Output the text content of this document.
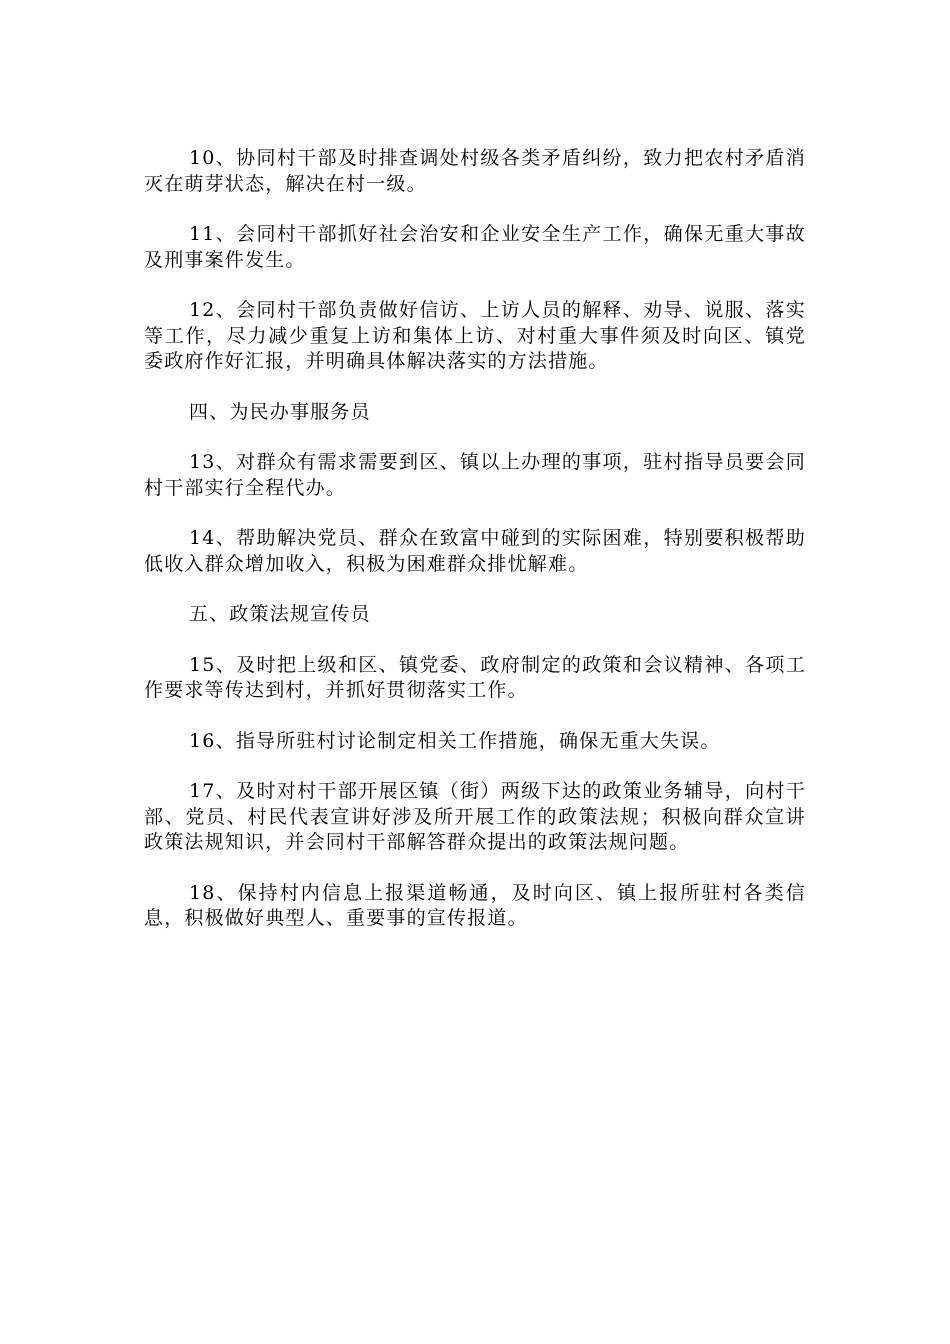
10、协同村干部及时排查调处村级各类矛盾纠纷，致力把农村矛盾消灭在萌芽状态，解决在村一级。

11、会同村干部抓好社会治安和企业安全生产工作，确保无重大事故及刑事案件发生。

12、会同村干部负责做好信访、上访人员的解释、劝导、说服、落实等工作，尽力减少重复上访和集体上访、对村重大事件须及时向区、镇党委政府作好汇报，并明确具体解决落实的方法措施。

四、为民办事服务员

13、对群众有需求需要到区、镇以上办理的事项，驻村指导员要会同村干部实行全程代办。

14、帮助解决党员、群众在致富中碰到的实际困难，特别要积极帮助低收入群众增加收入，积极为困难群众排忧解难。

五、政策法规宣传员

15、及时把上级和区、镇党委、政府制定的政策和会议精神、各项工作要求等传达到村，并抓好贯彻落实工作。

16、指导所驻村讨论制定相关工作措施，确保无重大失误。

17、及时对村干部开展区镇（街）两级下达的政策业务辅导，向村干部、党员、村民代表宣讲好涉及所开展工作的政策法规；积极向群众宣讲政策法规知识，并会同村干部解答群众提出的政策法规问题。

18、保持村内信息上报渠道畅通，及时向区、镇上报所驻村各类信息，积极做好典型人、重要事的宣传报道。
